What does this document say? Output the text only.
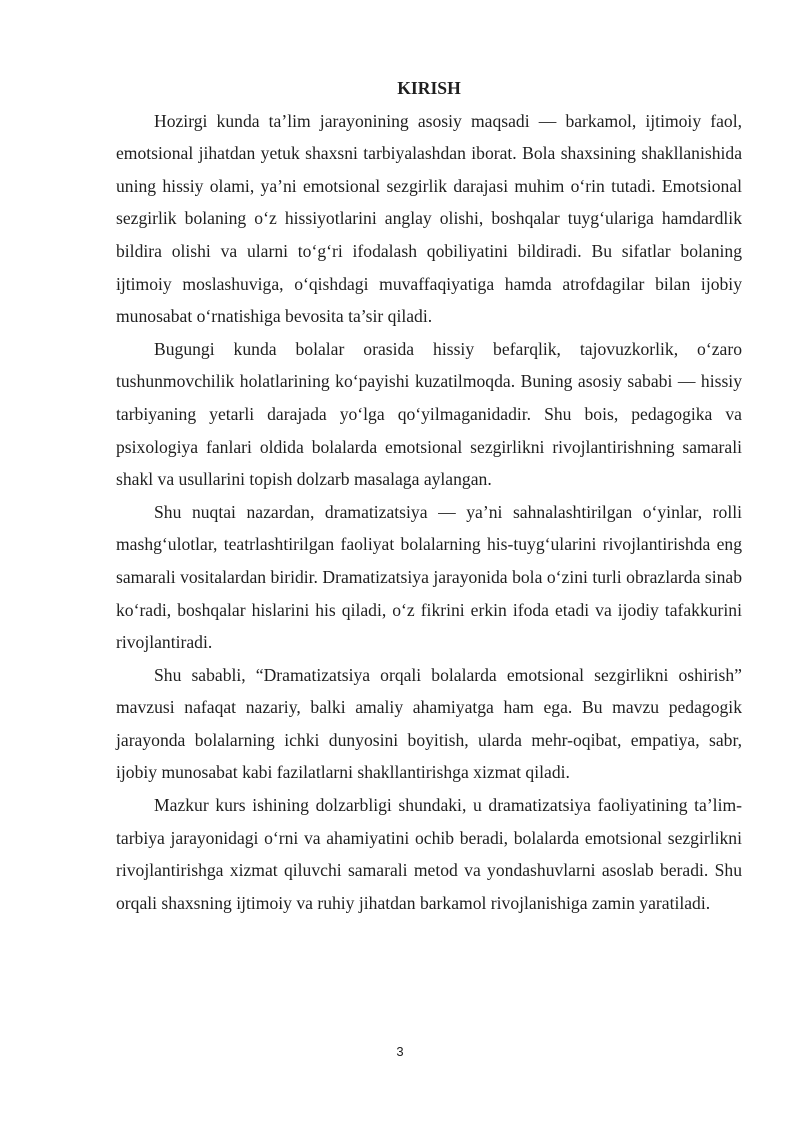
KIRISH

Hozirgi kunda ta’lim jarayonining asosiy maqsadi — barkamol, ijtimoiy faol, emotsional jihatdan yetuk shaxsni tarbiyalashdan iborat. Bola shaxsining shakllanishida uning hissiy olami, ya’ni emotsional sezgirlik darajasi muhim o‘rin tutadi. Emotsional sezgirlik bolaning o‘z hissiyotlarini anglay olishi, boshqalar tuyg‘ulariga hamdardlik bildira olishi va ularni to‘g‘ri ifodalash qobiliyatini bildiradi. Bu sifatlar bolaning ijtimoiy moslashuviga, o‘qishdagi muvaffaqiyatiga hamda atrofdagilar bilan ijobiy munosabat o‘rnatishiga bevosita ta’sir qiladi.

Bugungi kunda bolalar orasida hissiy befarqlik, tajovuzkorlik, o‘zaro tushunmovchilik holatlarining ko‘payishi kuzatilmoqda. Buning asosiy sababi — hissiy tarbiyaning yetarli darajada yo‘lga qo‘yilmaganidadir. Shu bois, pedagogika va psixologiya fanlari oldida bolalarda emotsional sezgirlikni rivojlantirishning samarali shakl va usullarini topish dolzarb masalaga aylangan.

Shu nuqtai nazardan, dramatizatsiya — ya’ni sahnalashtirilgan o‘yinlar, rolli mashg‘ulotlar, teatrlashtirilgan faoliyat bolalarning his-tuyg‘ularini rivojlantirishda eng samarali vositalardan biridir. Dramatizatsiya jarayonida bola o‘zini turli obrazlarda sinab ko‘radi, boshqalar hislarini his qiladi, o‘z fikrini erkin ifoda etadi va ijodiy tafakkurini rivojlantiradi.

Shu sababli, “Dramatizatsiya orqali bolalarda emotsional sezgirlikni oshirish” mavzusi nafaqat nazariy, balki amaliy ahamiyatga ham ega. Bu mavzu pedagogik jarayonda bolalarning ichki dunyosini boyitish, ularda mehr-oqibat, empatiya, sabr, ijobiy munosabat kabi fazilatlarni shakllantirishga xizmat qiladi.

Mazkur kurs ishining dolzarbligi shundaki, u dramatizatsiya faoliyatining ta’lim-tarbiya jarayonidagi o‘rni va ahamiyatini ochib beradi, bolalarda emotsional sezgirlikni rivojlantirishga xizmat qiluvchi samarali metod va yondashuvlarni asoslab beradi. Shu orqali shaxsning ijtimoiy va ruhiy jihatdan barkamol rivojlanishiga zamin yaratiladi.

3
